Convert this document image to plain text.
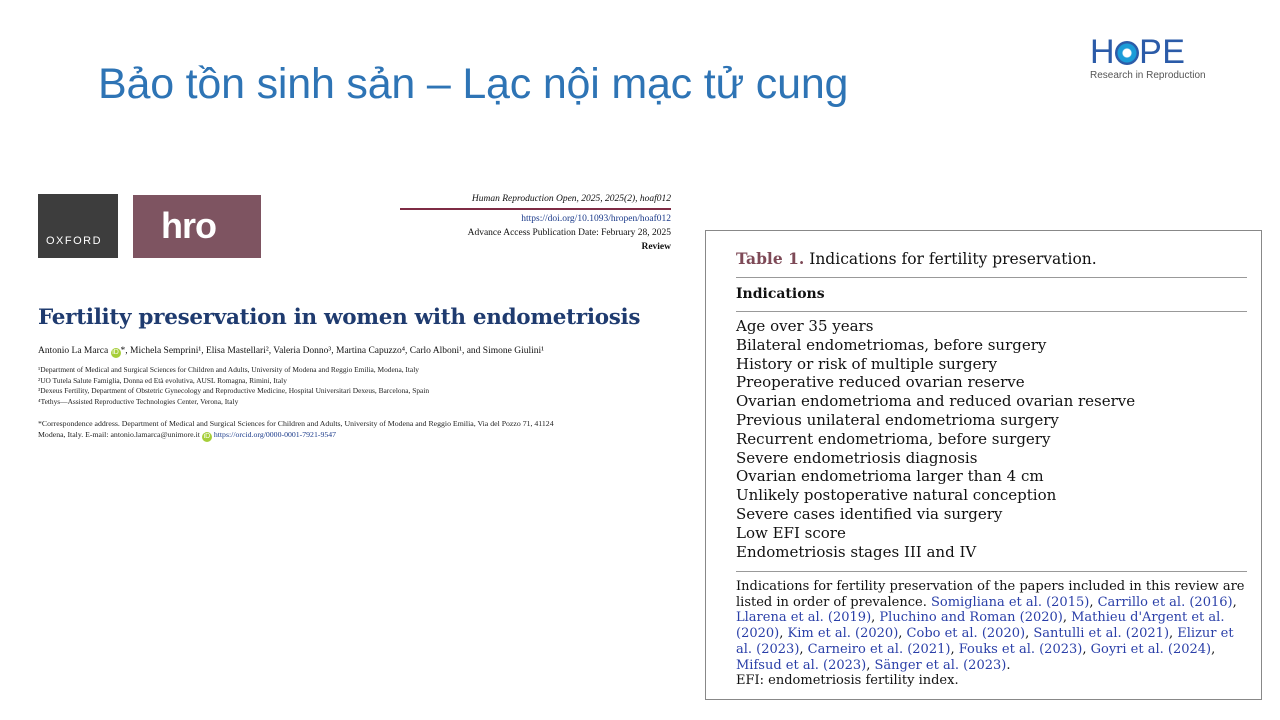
Bảo tồn sinh sản – Lạc nội mạc tử cung
H PE
Research in Reproduction
OXFORD hro
Human Reproduction Open, 2025, 2025(2), hoaf012
https://doi.org/10.1093/hropen/hoaf012
Advance Access Publication Date: February 28, 2025
Review
Fertility preservation in women with endometriosis
Antonio La Marca iD *, Michela Semprini¹, Elisa Mastellari², Valeria Donno³, Martina Capuzzo⁴, Carlo Alboni¹, and Simone Giulini¹
¹Department of Medical and Surgical Sciences for Children and Adults, University of Modena and Reggio Emilia, Modena, Italy
²UO Tutela Salute Famiglia, Donna ed Età evolutiva, AUSL Romagna, Rimini, Italy
³Dexeus Fertility, Department of Obstetric Gynecology and Reproductive Medicine, Hospital Universitari Dexeus, Barcelona, Spain
⁴Tethys—Assisted Reproductive Technologies Center, Verona, Italy
*Correspondence address. Department of Medical and Surgical Sciences for Children and Adults, University of Modena and Reggio Emilia, Via del Pozzo 71, 41124
Modena, Italy. E-mail: antonio.lamarca@unimore.it iD https://orcid.org/0000-0001-7921-9547
Table 1. Indications for fertility preservation.
Indications
Age over 35 years
Bilateral endometriomas, before surgery
History or risk of multiple surgery
Preoperative reduced ovarian reserve
Ovarian endometrioma and reduced ovarian reserve
Previous unilateral endometrioma surgery
Recurrent endometrioma, before surgery
Severe endometriosis diagnosis
Ovarian endometrioma larger than 4 cm
Unlikely postoperative natural conception
Severe cases identified via surgery
Low EFI score
Endometriosis stages III and IV
Indications for fertility preservation of the papers included in this review are listed in order of prevalence. Somigliana et al. (2015), Carrillo et al. (2016), Llarena et al. (2019), Pluchino and Roman (2020), Mathieu d'Argent et al. (2020), Kim et al. (2020), Cobo et al. (2020), Santulli et al. (2021), Elizur et al. (2023), Carneiro et al. (2021), Fouks et al. (2023), Goyri et al. (2024), Mifsud et al. (2023), Sänger et al. (2023).
EFI: endometriosis fertility index.
